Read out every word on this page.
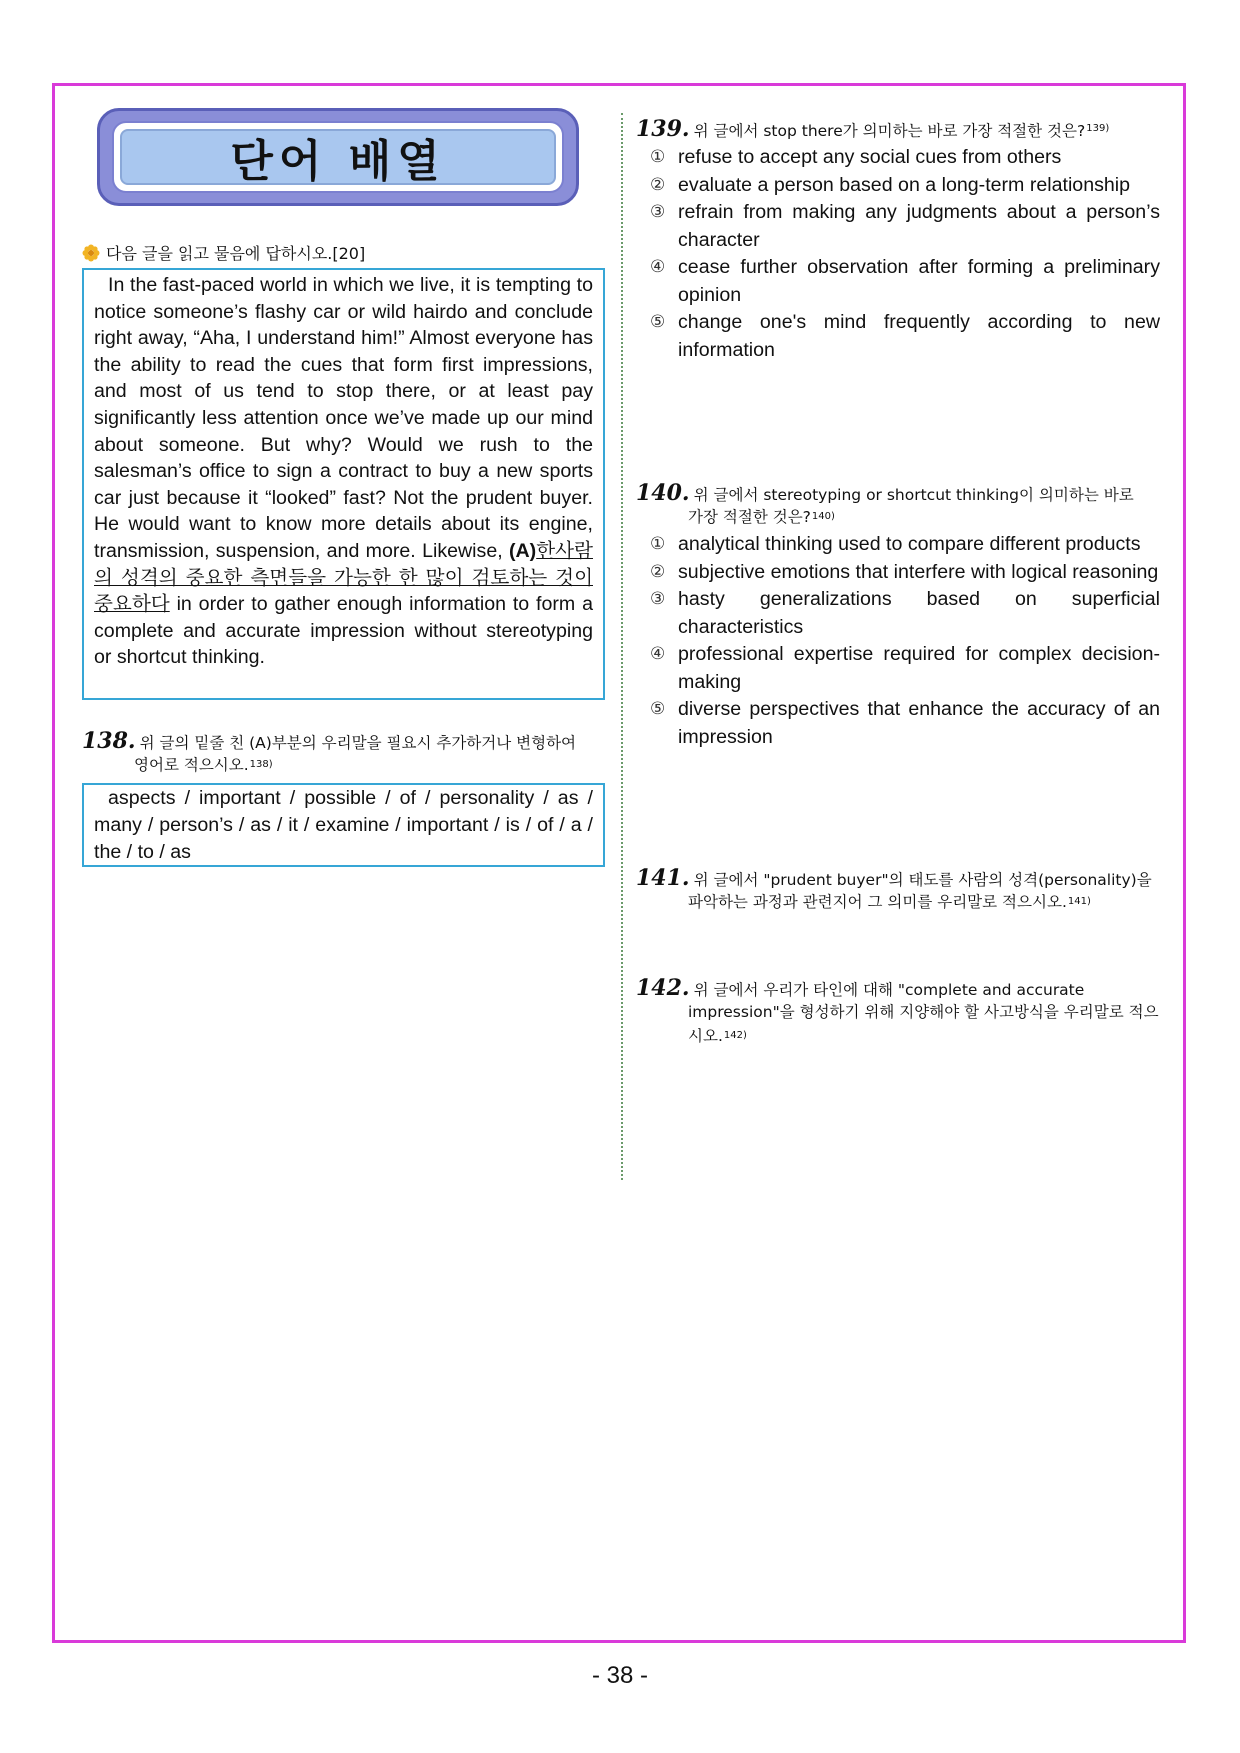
단어 배열
다음 글을 읽고 물음에 답하시오.[20]
In the fast-paced world in which we live, it is tempting to notice someone’s flashy car or wild hairdo and conclude right away, “Aha, I understand him!” Almost everyone has the ability to read the cues that form first impressions, and most of us tend to stop there, or at least pay significantly less attention once we’ve made up our mind about someone. But why? Would we rush to the salesman’s office to sign a contract to buy a new sports car just because it “looked” fast? Not the prudent buyer. He would want to know more details about its engine, transmission, suspension, and more. Likewise, (A)한사람의 성격의 중요한 측면들을 가능한 한 많이 검토하는 것이 중요하다 in order to gather enough information to form a complete and accurate impression without stereotyping or shortcut thinking.
138. 위 글의 밑줄 친 (A)부분의 우리말을 필요시 추가하거나 변형하여
영어로 적으시오.$^{138)}$
aspects / important / possible / of / personality / as / many / person’s / as / it / examine / important / is / of / a / the / to / as
139. 위 글에서 stop there가 의미하는 바로 가장 적절한 것은?$^{139)}$
① refuse to accept any social cues from others
② evaluate a person based on a long-term relationship
③ refrain from making any judgments about a person’s character
④ cease further observation after forming a preliminary opinion
⑤ change one's mind frequently according to new information
140. 위 글에서 stereotyping or shortcut thinking이 의미하는 바로
가장 적절한 것은?$^{140)}$
① analytical thinking used to compare different products
② subjective emotions that interfere with logical reasoning
③ hasty generalizations based on superficial characteristics
④ professional expertise required for complex decision-making
⑤ diverse perspectives that enhance the accuracy of an impression
141. 위 글에서 "prudent buyer"의 태도를 사람의 성격(personality)을
파악하는 과정과 관련지어 그 의미를 우리말로 적으시오.$^{141)}$
142. 위 글에서 우리가 타인에 대해 "complete and accurate
impression"을 형성하기 위해 지양해야 할 사고방식을 우리말로 적으시오.$^{142)}$
- 38 -
